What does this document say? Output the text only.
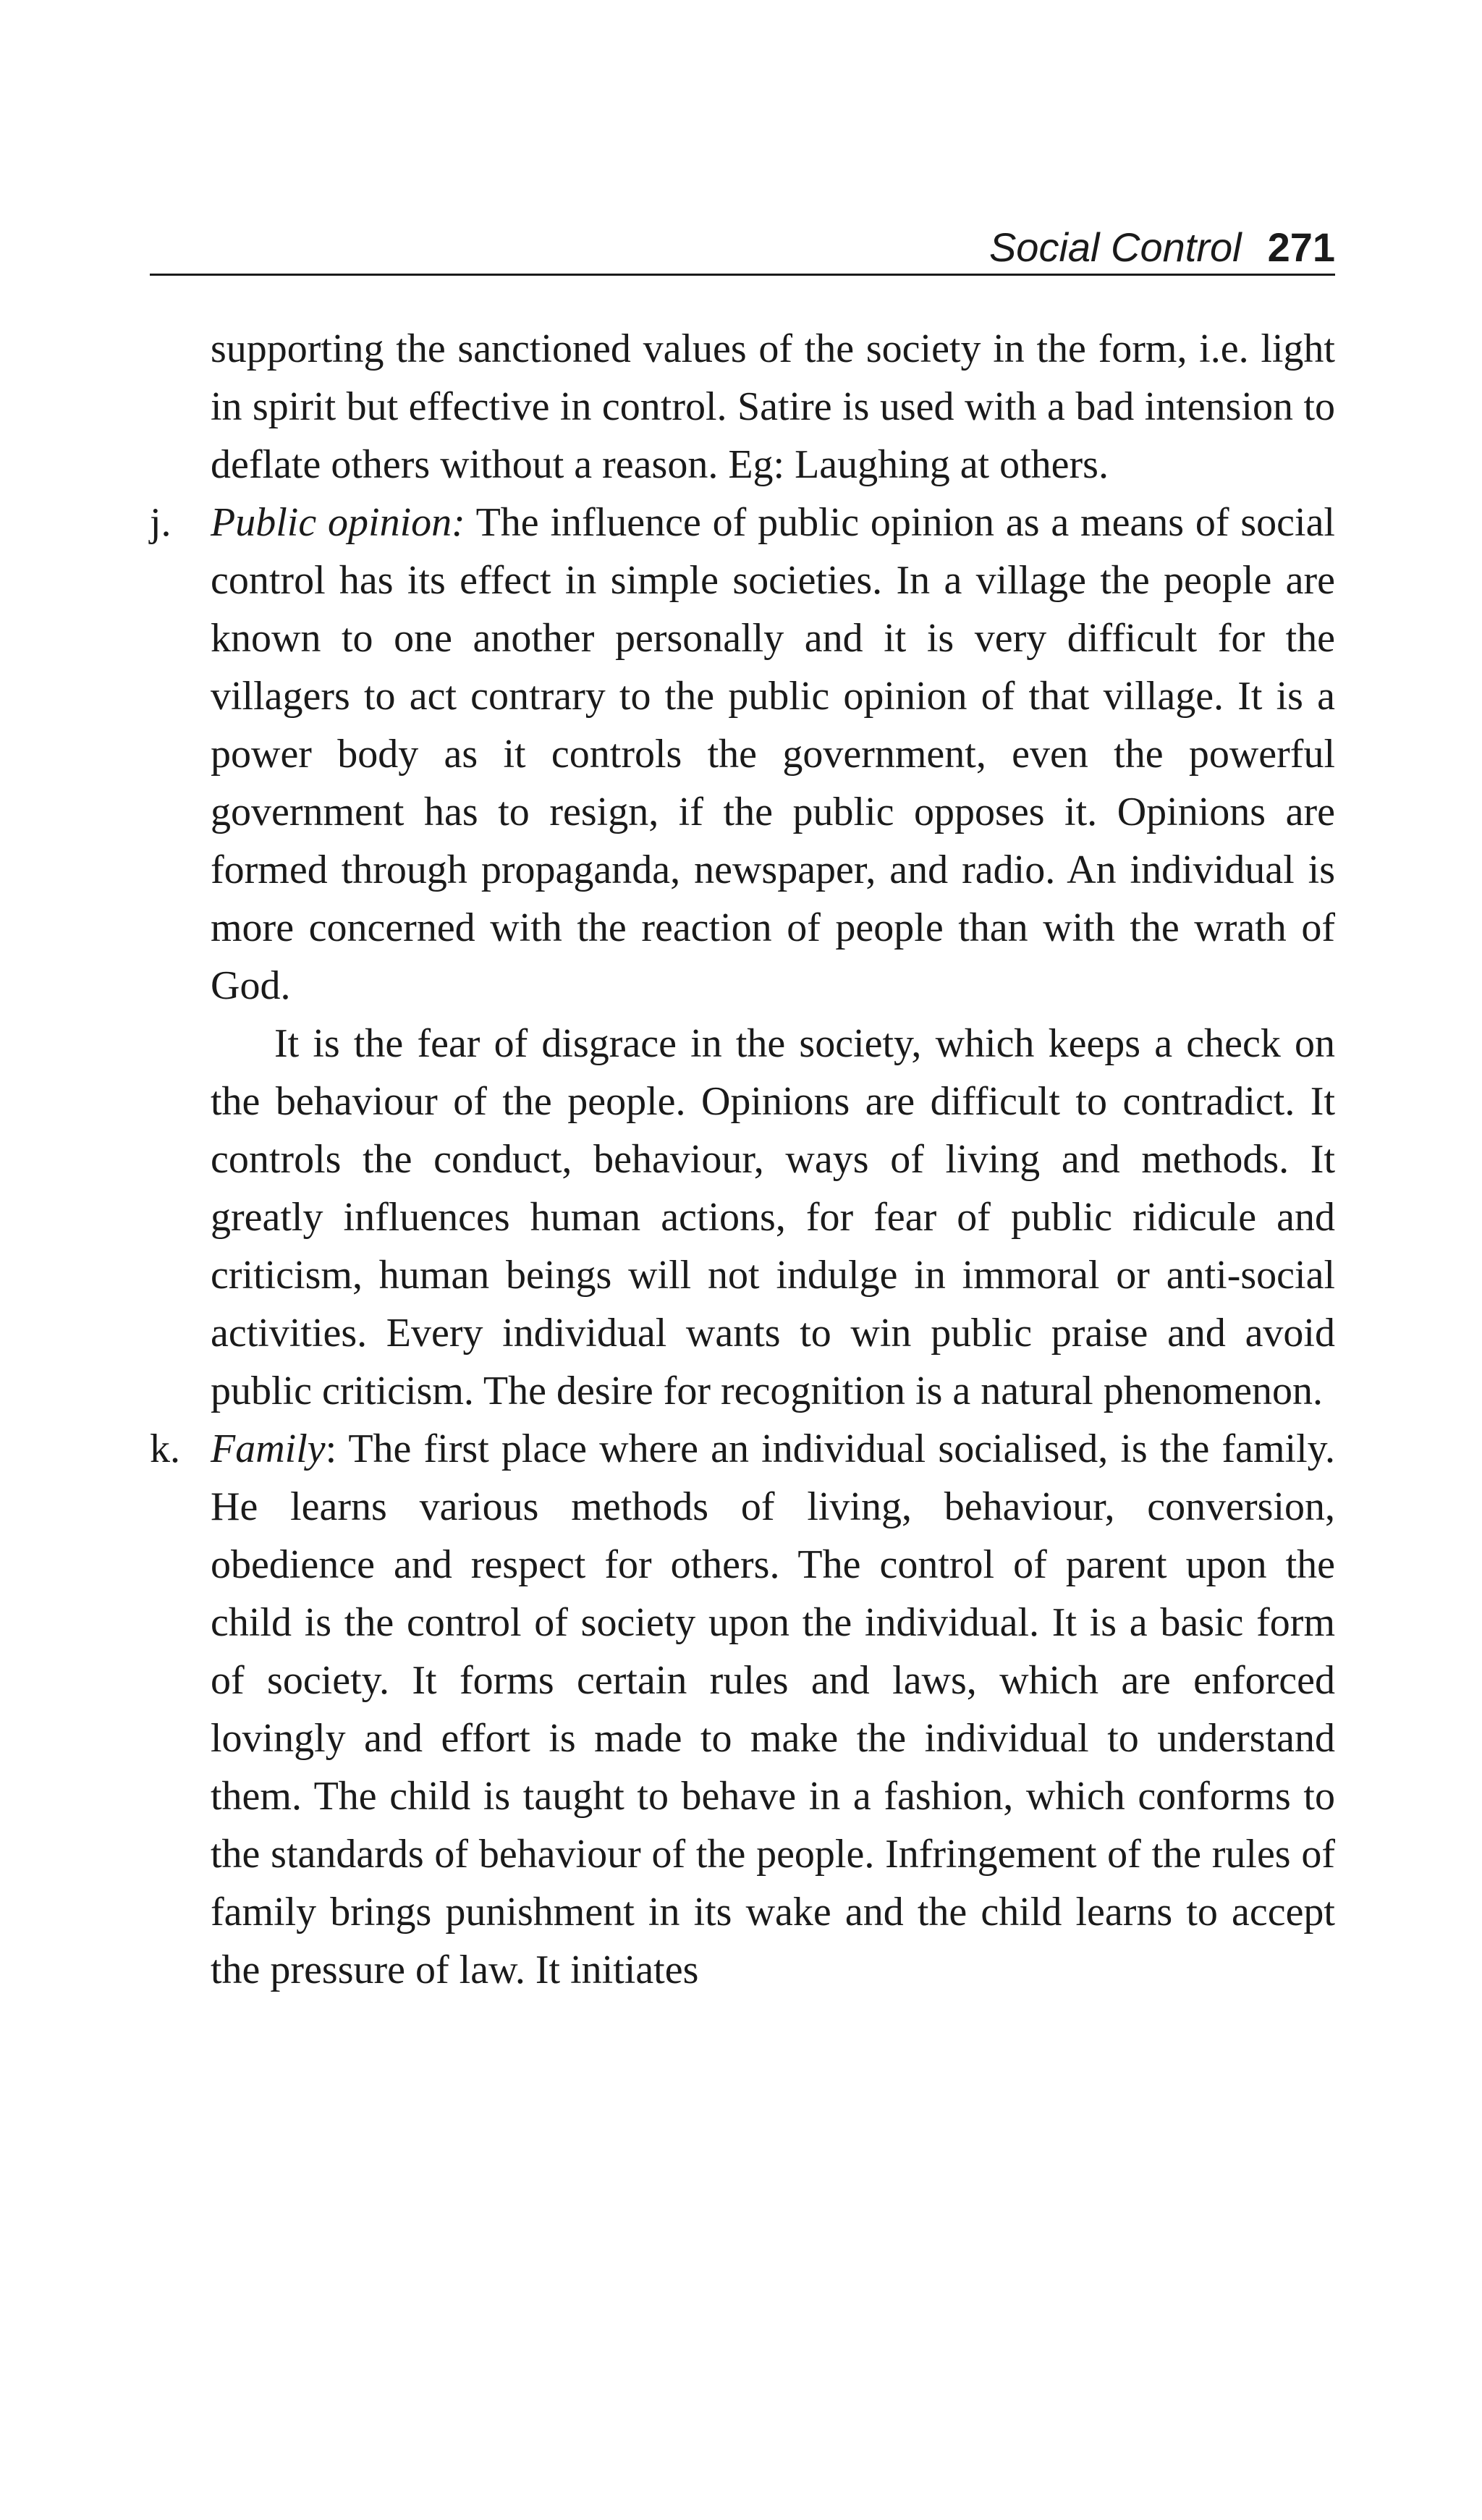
Social Control 271

supporting the sanctioned values of the society in the form, i.e. light in spirit but effective in control. Satire is used with a bad intension to deflate others without a reason. Eg: Laughing at others.

j. Public opinion: The influence of public opinion as a means of social control has its effect in simple societies. In a village the people are known to one another personally and it is very difficult for the villagers to act contrary to the public opinion of that village. It is a power body as it controls the government, even the powerful government has to resign, if the public opposes it. Opinions are formed through propaganda, newspaper, and radio. An individual is more concerned with the reaction of people than with the wrath of God.

It is the fear of disgrace in the society, which keeps a check on the behaviour of the people. Opinions are difficult to contradict. It controls the conduct, behaviour, ways of living and methods. It greatly influences human actions, for fear of public ridicule and criticism, human beings will not indulge in immoral or anti-social activities. Every individual wants to win public praise and avoid public criticism. The desire for recognition is a natural phenomenon.

k. Family: The first place where an individual socialised, is the family. He learns various methods of living, behaviour, conversion, obedience and respect for others. The control of parent upon the child is the control of society upon the individual. It is a basic form of society. It forms certain rules and laws, which are enforced lovingly and effort is made to make the individual to understand them. The child is taught to behave in a fashion, which conforms to the standards of behaviour of the people. Infringement of the rules of family brings punishment in its wake and the child learns to accept the pressure of law. It initiates
